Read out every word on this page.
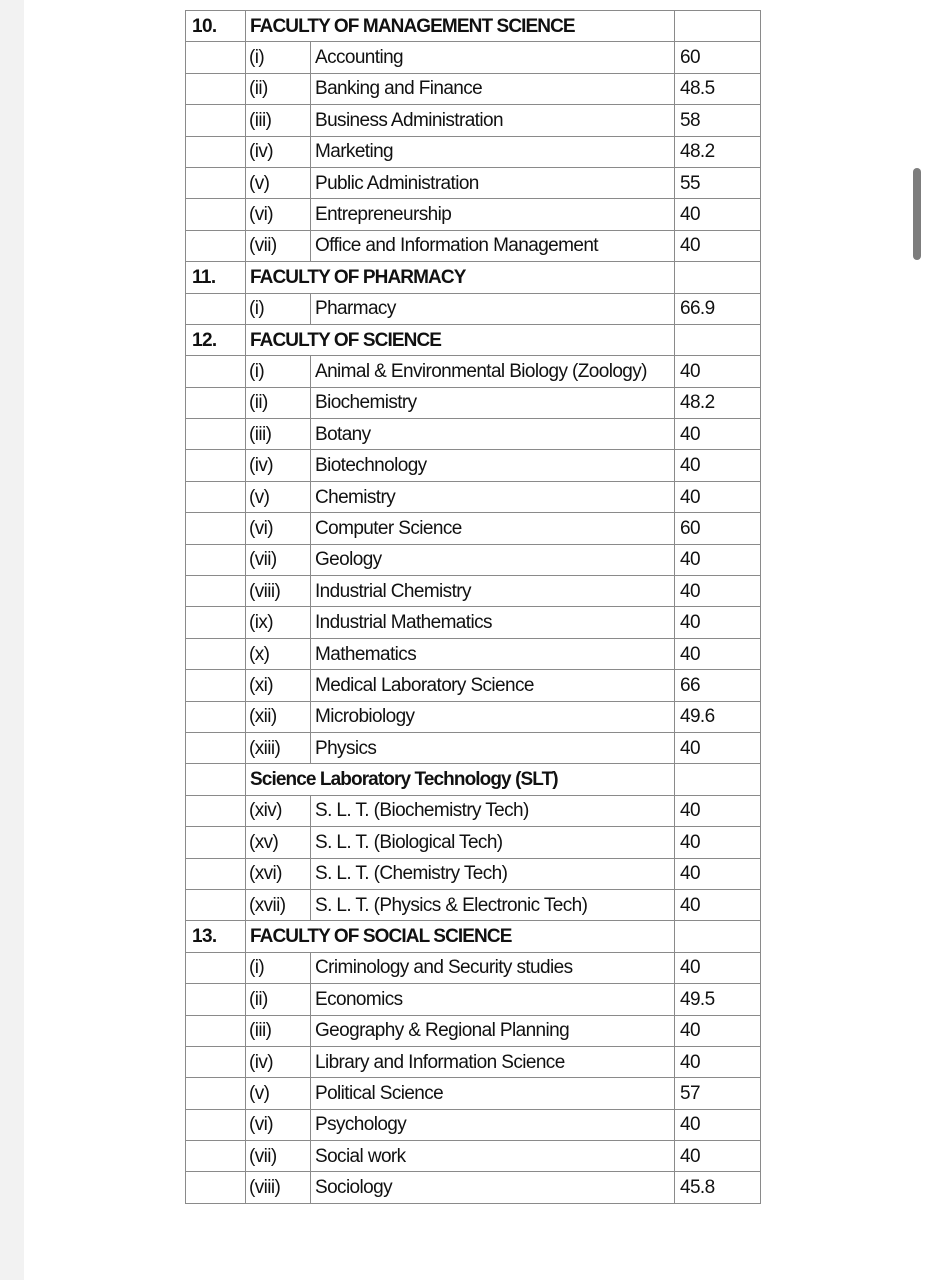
10.	FACULTY OF MANAGEMENT SCIENCE		
	(i)	Accounting	60
	(ii)	Banking and Finance	48.5
	(iii)	Business Administration	58
	(iv)	Marketing	48.2
	(v)	Public Administration	55
	(vi)	Entrepreneurship	40
	(vii)	Office and Information Management	40
11.	FACULTY OF PHARMACY		
	(i)	Pharmacy	66.9
12.	FACULTY OF SCIENCE		
	(i)	Animal & Environmental Biology (Zoology)	40
	(ii)	Biochemistry	48.2
	(iii)	Botany	40
	(iv)	Biotechnology	40
	(v)	Chemistry	40
	(vi)	Computer Science	60
	(vii)	Geology	40
	(viii)	Industrial Chemistry	40
	(ix)	Industrial Mathematics	40
	(x)	Mathematics	40
	(xi)	Medical Laboratory Science	66
	(xii)	Microbiology	49.6
	(xiii)	Physics	40
	Science Laboratory Technology (SLT)		
	(xiv)	S. L. T. (Biochemistry Tech)	40
	(xv)	S. L. T. (Biological Tech)	40
	(xvi)	S. L. T. (Chemistry Tech)	40
	(xvii)	S. L. T. (Physics & Electronic Tech)	40
13.	FACULTY OF SOCIAL SCIENCE		
	(i)	Criminology and Security studies	40
	(ii)	Economics	49.5
	(iii)	Geography & Regional Planning	40
	(iv)	Library and Information Science	40
	(v)	Political Science	57
	(vi)	Psychology	40
	(vii)	Social work	40
	(viii)	Sociology	45.8
